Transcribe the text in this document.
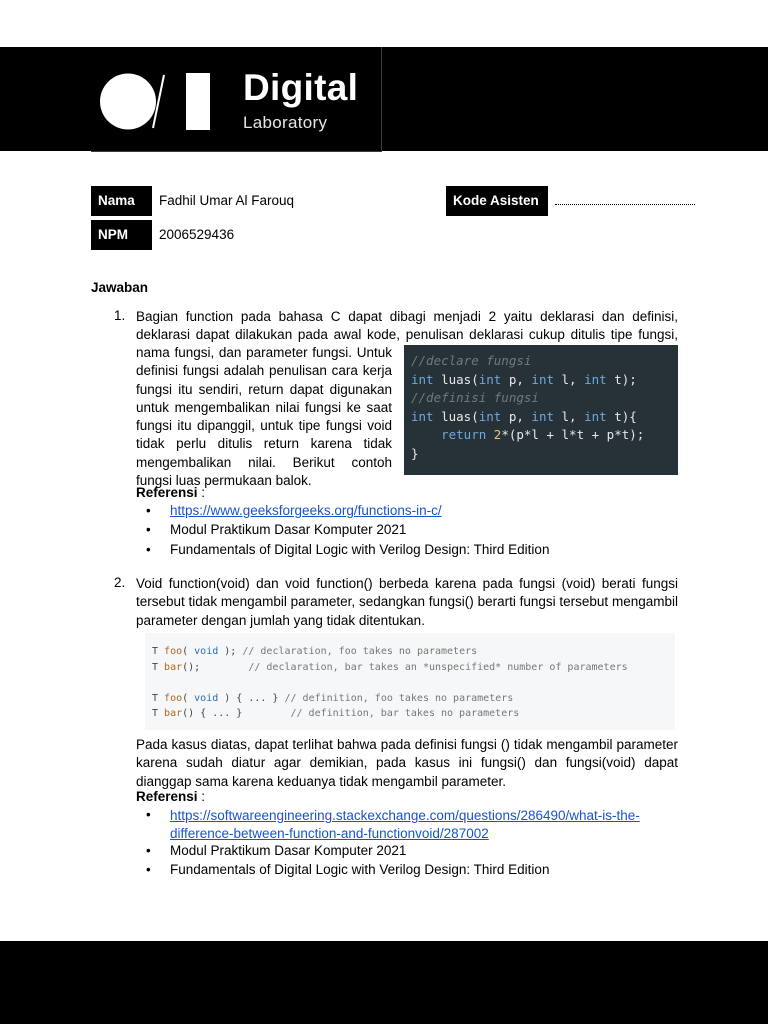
Digital
Laboratory
Nama	Fadhil Umar Al Farouq
NPM	2006529436
Kode Asisten
Jawaban
1. Bagian function pada bahasa C dapat dibagi menjadi 2 yaitu deklarasi dan definisi,
deklarasi dapat dilakukan pada awal kode, penulisan deklarasi cukup ditulis tipe fungsi,
nama fungsi, dan parameter fungsi. Untuk definisi fungsi adalah penulisan cara kerja fungsi itu sendiri, return dapat digunakan untuk mengembalikan nilai fungsi ke saat fungsi itu dipanggil, untuk tipe fungsi void tidak perlu ditulis return karena tidak mengembalikan nilai. Berikut contoh fungsi luas permukaan balok.
//declare fungsi
int luas(int p, int l, int t);
//definisi fungsi
int luas(int p, int l, int t){
return 2*(p*l + l*t + p*t);
}
Referensi :
• https://www.geeksforgeeks.org/functions-in-c/
• Modul Praktikum Dasar Komputer 2021
• Fundamentals of Digital Logic with Verilog Design: Third Edition
2. Void function(void) dan void function() berbeda karena pada fungsi (void) berati fungsi tersebut tidak mengambil parameter, sedangkan fungsi() berarti fungsi tersebut mengambil parameter dengan jumlah yang tidak ditentukan.
T foo( void ); // declaration, foo takes no parameters
T bar();        // declaration, bar takes an *unspecified* number of parameters
T foo( void ) { ... } // definition, foo takes no parameters
T bar() { ... }        // definition, bar takes no parameters
Pada kasus diatas, dapat terlihat bahwa pada definisi fungsi () tidak mengambil parameter karena sudah diatur agar demikian, pada kasus ini fungsi() dan fungsi(void) dapat dianggap sama karena keduanya tidak mengambil parameter.
Referensi :
• https://softwareengineering.stackexchange.com/questions/286490/what-is-the-
difference-between-function-and-functionvoid/287002
• Modul Praktikum Dasar Komputer 2021
• Fundamentals of Digital Logic with Verilog Design: Third Edition
